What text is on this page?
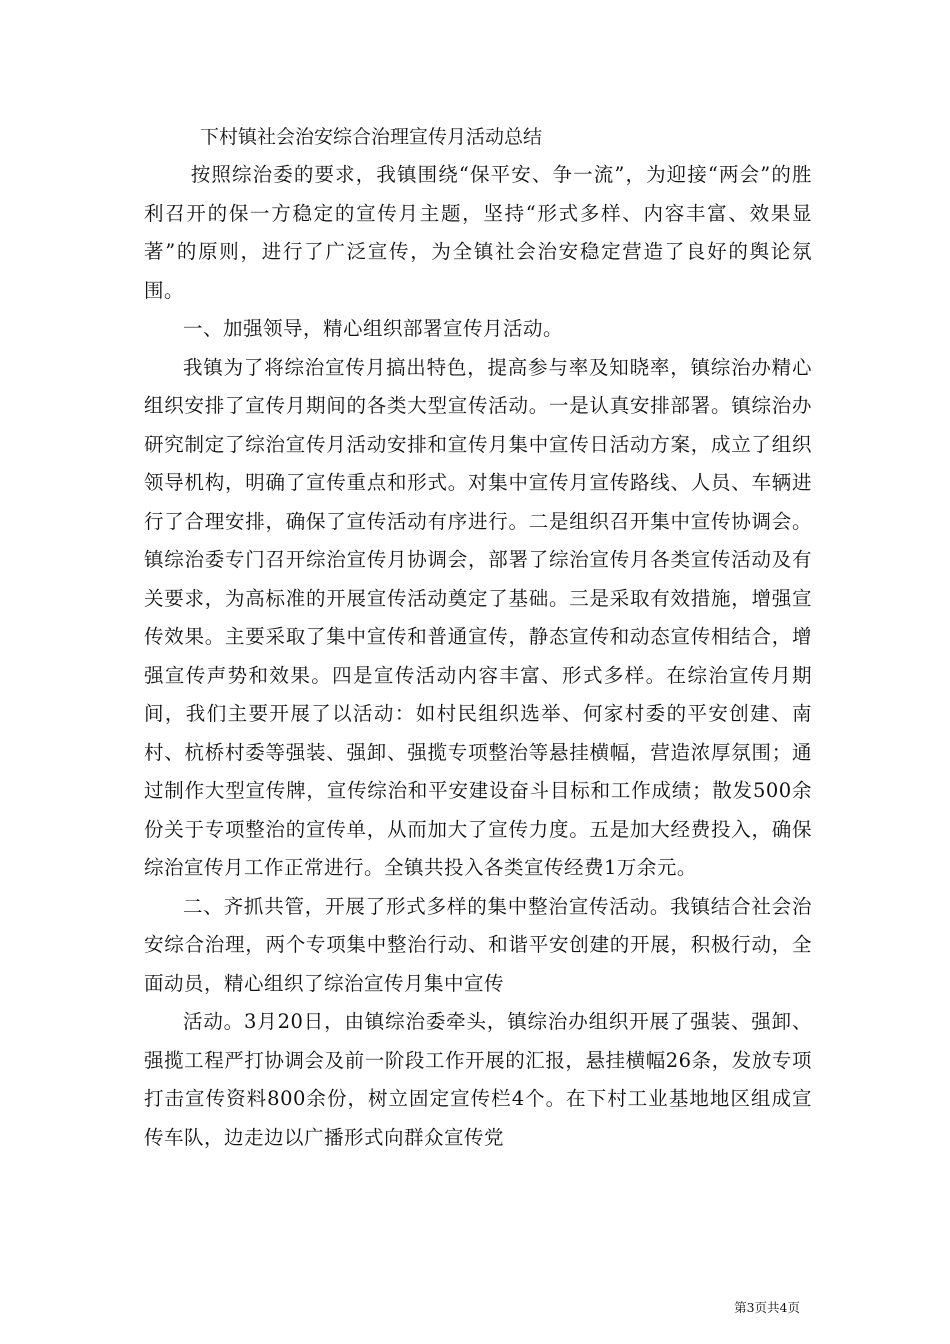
下村镇社会治安综合治理宣传月活动总结

按照综治委的要求，我镇围绕“保平安、争一流”，为迎接“两会”的胜利召开的保一方稳定的宣传月主题，坚持“形式多样、内容丰富、效果显著”的原则，进行了广泛宣传，为全镇社会治安稳定营造了良好的舆论氛围。

一、加强领导，精心组织部署宣传月活动。

我镇为了将综治宣传月搞出特色，提高参与率及知晓率，镇综治办精心组织安排了宣传月期间的各类大型宣传活动。一是认真安排部署。镇综治办研究制定了综治宣传月活动安排和宣传月集中宣传日活动方案，成立了组织领导机构，明确了宣传重点和形式。对集中宣传月宣传路线、人员、车辆进行了合理安排，确保了宣传活动有序进行。二是组织召开集中宣传协调会。镇综治委专门召开综治宣传月协调会，部署了综治宣传月各类宣传活动及有关要求，为高标准的开展宣传活动奠定了基础。三是采取有效措施，增强宣传效果。主要采取了集中宣传和普通宣传，静态宣传和动态宣传相结合，增强宣传声势和效果。四是宣传活动内容丰富、形式多样。在综治宣传月期间，我们主要开展了以活动：如村民组织选举、何家村委的平安创建、南村、杭桥村委等强装、强卸、强揽专项整治等悬挂横幅，营造浓厚氛围；通过制作大型宣传牌，宣传综治和平安建设奋斗目标和工作成绩；散发500余份关于专项整治的宣传单，从而加大了宣传力度。五是加大经费投入，确保综治宣传月工作正常进行。全镇共投入各类宣传经费1万余元。

二、齐抓共管，开展了形式多样的集中整治宣传活动。我镇结合社会治安综合治理，两个专项集中整治行动、和谐平安创建的开展，积极行动，全面动员，精心组织了综治宣传月集中宣传

活动。3月20日，由镇综治委牵头，镇综治办组织开展了强装、强卸、强揽工程严打协调会及前一阶段工作开展的汇报，悬挂横幅26条，发放专项打击宣传资料800余份，树立固定宣传栏4个。在下村工业基地地区组成宣传车队，边走边以广播形式向群众宣传党

第3页共4页
